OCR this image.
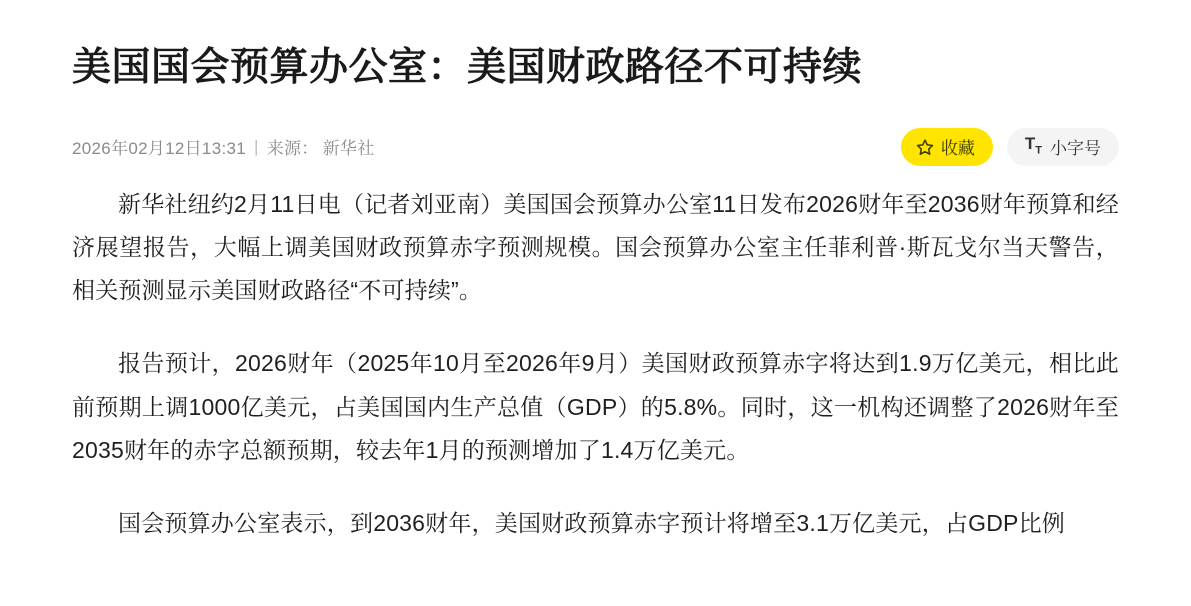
美国国会预算办公室：美国财政路径不可持续
2026年02月12日13:31 | 来源： 新华社	收藏	$T_T$ 小字号

新华社纽约2月11日电（记者刘亚南）美国国会预算办公室11日发布2026财年至2036财年预算和经济展望报告，大幅上调美国财政预算赤字预测规模。国会预算办公室主任菲利普·斯瓦戈尔当天警告，相关预测显示美国财政路径“不可持续”。

报告预计，2026财年（2025年10月至2026年9月）美国财政预算赤字将达到1.9万亿美元，相比此前预期上调1000亿美元，占美国国内生产总值（GDP）的5.8%。同时，这一机构还调整了2026财年至2035财年的赤字总额预期，较去年1月的预测增加了1.4万亿美元。

国会预算办公室表示，到2036财年，美国财政预算赤字预计将增至3.1万亿美元，占GDP比例
